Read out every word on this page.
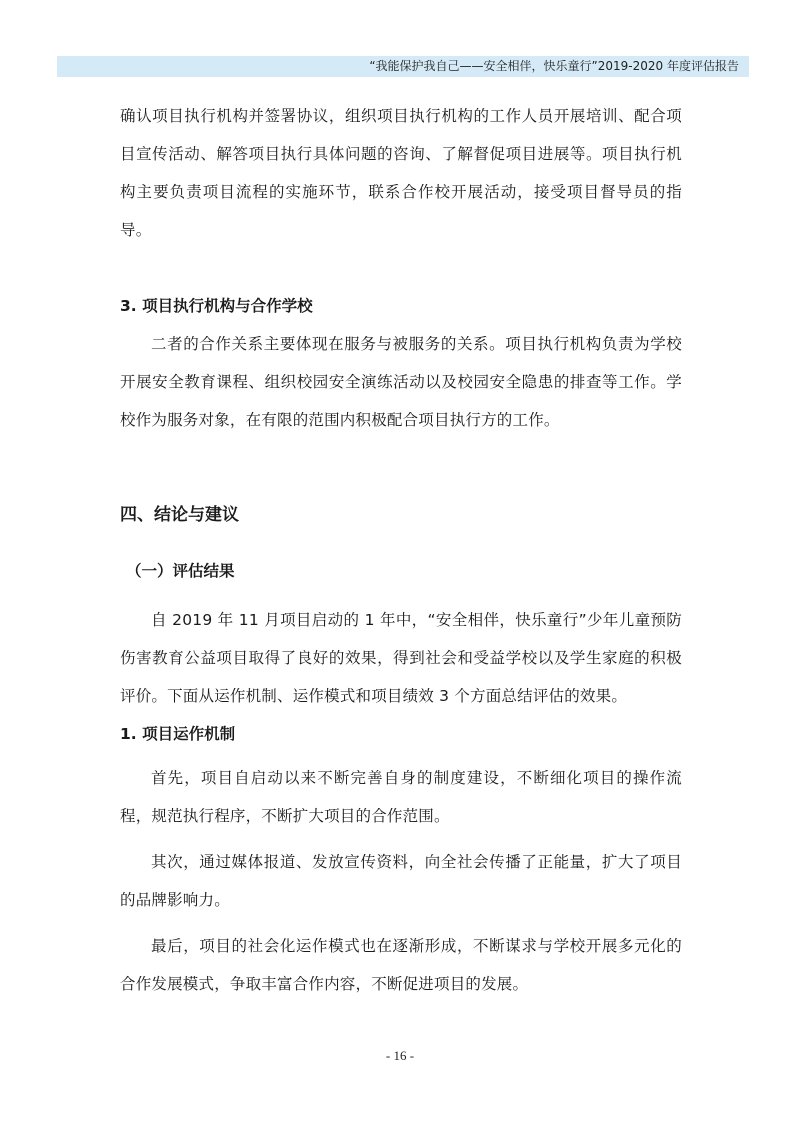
“我能保护我自己——安全相伴，快乐童行”2019-2020 年度评估报告

确认项目执行机构并签署协议，组织项目执行机构的工作人员开展培训、配合项目宣传活动、解答项目执行具体问题的咨询、了解督促项目进展等。项目执行机构主要负责项目流程的实施环节，联系合作校开展活动，接受项目督导员的指导。

3. 项目执行机构与合作学校

二者的合作关系主要体现在服务与被服务的关系。项目执行机构负责为学校开展安全教育课程、组织校园安全演练活动以及校园安全隐患的排查等工作。学校作为服务对象，在有限的范围内积极配合项目执行方的工作。

四、结论与建议
（一）评估结果

自 2019 年 11 月项目启动的 1 年中，“安全相伴，快乐童行”少年儿童预防伤害教育公益项目取得了良好的效果，得到社会和受益学校以及学生家庭的积极评价。下面从运作机制、运作模式和项目绩效 3 个方面总结评估的效果。

1. 项目运作机制

首先，项目自启动以来不断完善自身的制度建设，不断细化项目的操作流程，规范执行程序，不断扩大项目的合作范围。

其次，通过媒体报道、发放宣传资料，向全社会传播了正能量，扩大了项目的品牌影响力。

最后，项目的社会化运作模式也在逐渐形成，不断谋求与学校开展多元化的合作发展模式，争取丰富合作内容，不断促进项目的发展。

- 16 -
